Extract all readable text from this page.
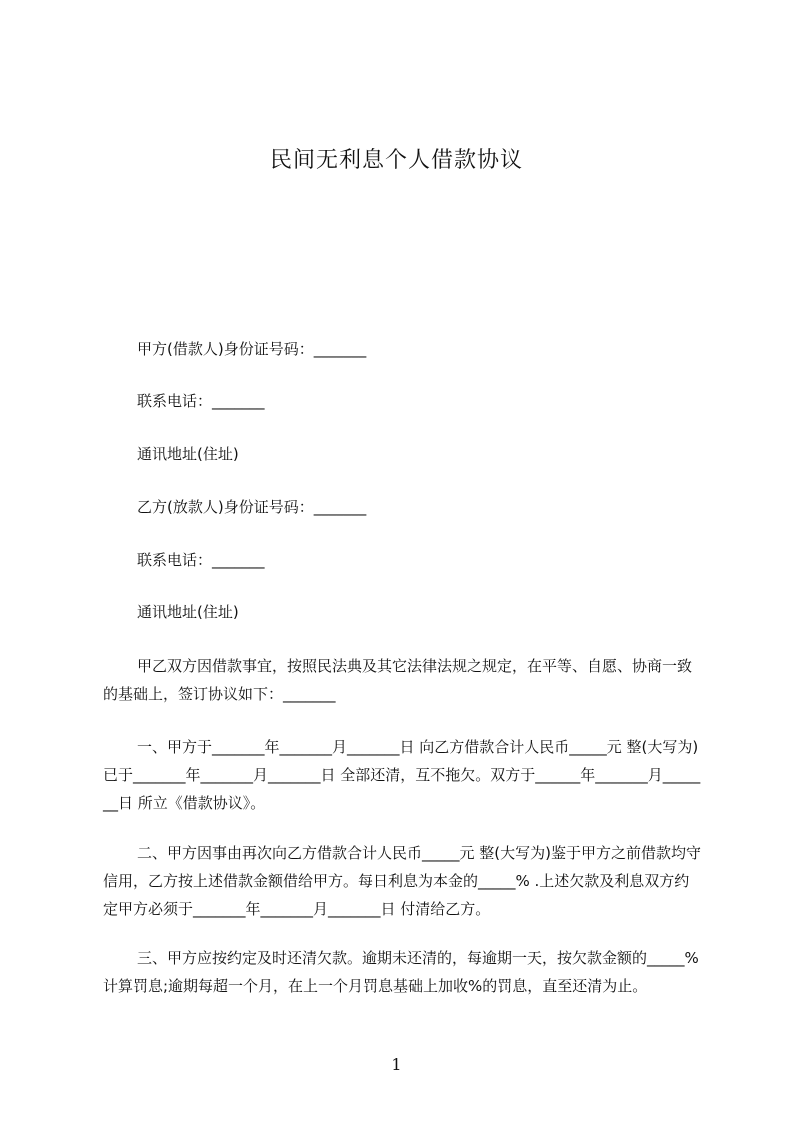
民间无利息个人借款协议

甲方(借款人)身份证号码：_______

联系电话：_______

通讯地址(住址)

乙方(放款人)身份证号码：_______

联系电话：_______

通讯地址(住址)

甲乙双方因借款事宜，按照民法典及其它法律法规之规定，在平等、自愿、协商一致的基础上，签订协议如下：_______

一、甲方于_______年_______月_______日 向乙方借款合计人民币_____元 整(大写为)已于_______年_______月_______日 全部还清，互不拖欠。双方于______年_______月_______日 所立《借款协议》。

二、甲方因事由再次向乙方借款合计人民币_____元 整(大写为)鉴于甲方之前借款均守信用，乙方按上述借款金额借给甲方。每日利息为本金的_____% .上述欠款及利息双方约定甲方必须于_______年_______月_______日 付清给乙方。

三、甲方应按约定及时还清欠款。逾期未还清的，每逾期一天，按欠款金额的_____% 计算罚息;逾期每超一个月，在上一个月罚息基础上加收%的罚息，直至还清为止。

1
